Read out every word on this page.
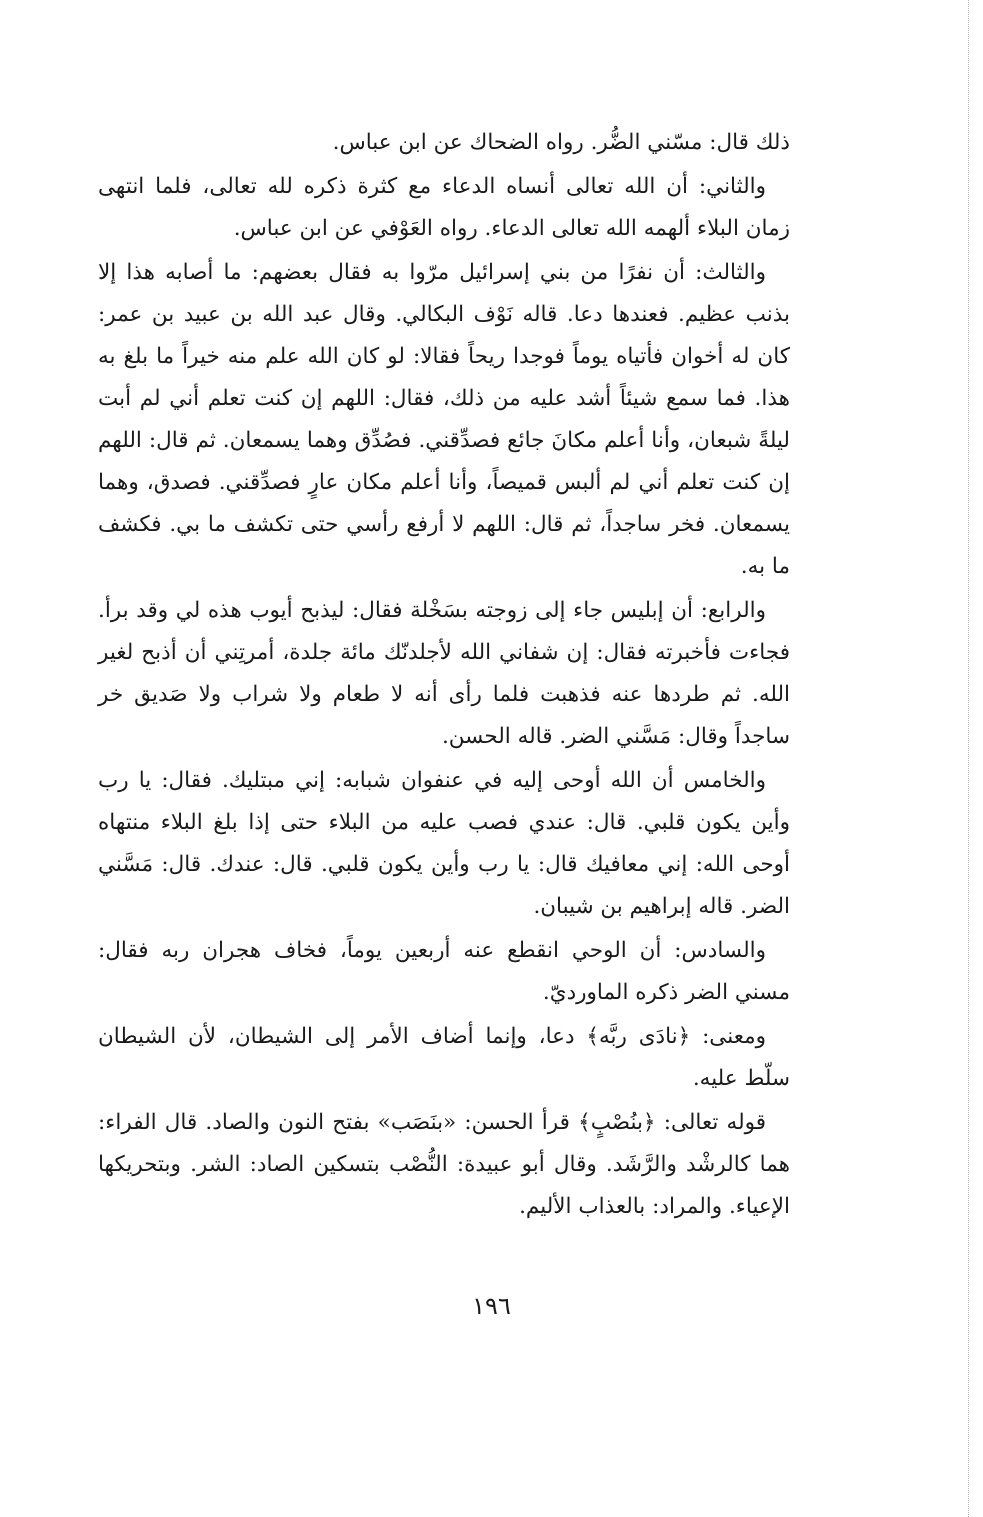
ذلك قال: مسّني الضُّر. رواه الضحاك عن ابن عباس.

والثاني: أن الله تعالى أنساه الدعاء مع كثرة ذكره لله تعالى، فلما انتهى زمان البلاء ألهمه الله تعالى الدعاء. رواه العَوْفي عن ابن عباس.

والثالث: أن نفرًا من بني إسرائيل مرّوا به فقال بعضهم: ما أصابه هذا إلا بذنب عظيم. فعندها دعا. قاله نَوْف البكالي. وقال عبد الله بن عبيد بن عمر: كان له أخوان فأتياه يوماً فوجدا ريحاً فقالا: لو كان الله علم منه خيراً ما بلغ به هذا. فما سمع شيئاً أشد عليه من ذلك، فقال: اللهم إن كنت تعلم أني لم أبت ليلةً شبعان، وأنا أعلم مكانَ جائع فصدِّقني. فصُدِّق وهما يسمعان. ثم قال: اللهم إن كنت تعلم أني لم ألبس قميصاً، وأنا أعلم مكان عارٍ فصدِّقني. فصدق، وهما يسمعان. فخر ساجداً، ثم قال: اللهم لا أرفع رأسي حتى تكشف ما بي. فكشف ما به.

والرابع: أن إبليس جاء إلى زوجته بسَخْلة فقال: ليذبح أيوب هذه لي وقد برأ. فجاءت فأخبرته فقال: إن شفاني الله لأجلدنّك مائة جلدة، أمرتِني أن أذبح لغير الله. ثم طردها عنه فذهبت فلما رأى أنه لا طعام ولا شراب ولا صَديق خر ساجداً وقال: مَسَّني الضر. قاله الحسن.

والخامس أن الله أوحى إليه في عنفوان شبابه: إني مبتليك. فقال: يا رب وأين يكون قلبي. قال: عندي فصب عليه من البلاء حتى إذا بلغ البلاء منتهاه أوحى الله: إني معافيك قال: يا رب وأين يكون قلبي. قال: عندك. قال: مَسَّني الضر. قاله إبراهيم بن شيبان.

والسادس: أن الوحي انقطع عنه أربعين يوماً، فخاف هجران ربه فقال: مسني الضر ذكره الماورديّ.

ومعنى: ﴿نادَى ربَّه﴾ دعا، وإنما أضاف الأمر إلى الشيطان، لأن الشيطان سلّط عليه.

قوله تعالى: ﴿بنُصْبٍ﴾ قرأ الحسن: «بنَصَب» بفتح النون والصاد. قال الفراء: هما كالرشْد والرَّشَد. وقال أبو عبيدة: النُّصْب بتسكين الصاد: الشر. وبتحريكها الإعياء. والمراد: بالعذاب الأليم.

١٩٦
